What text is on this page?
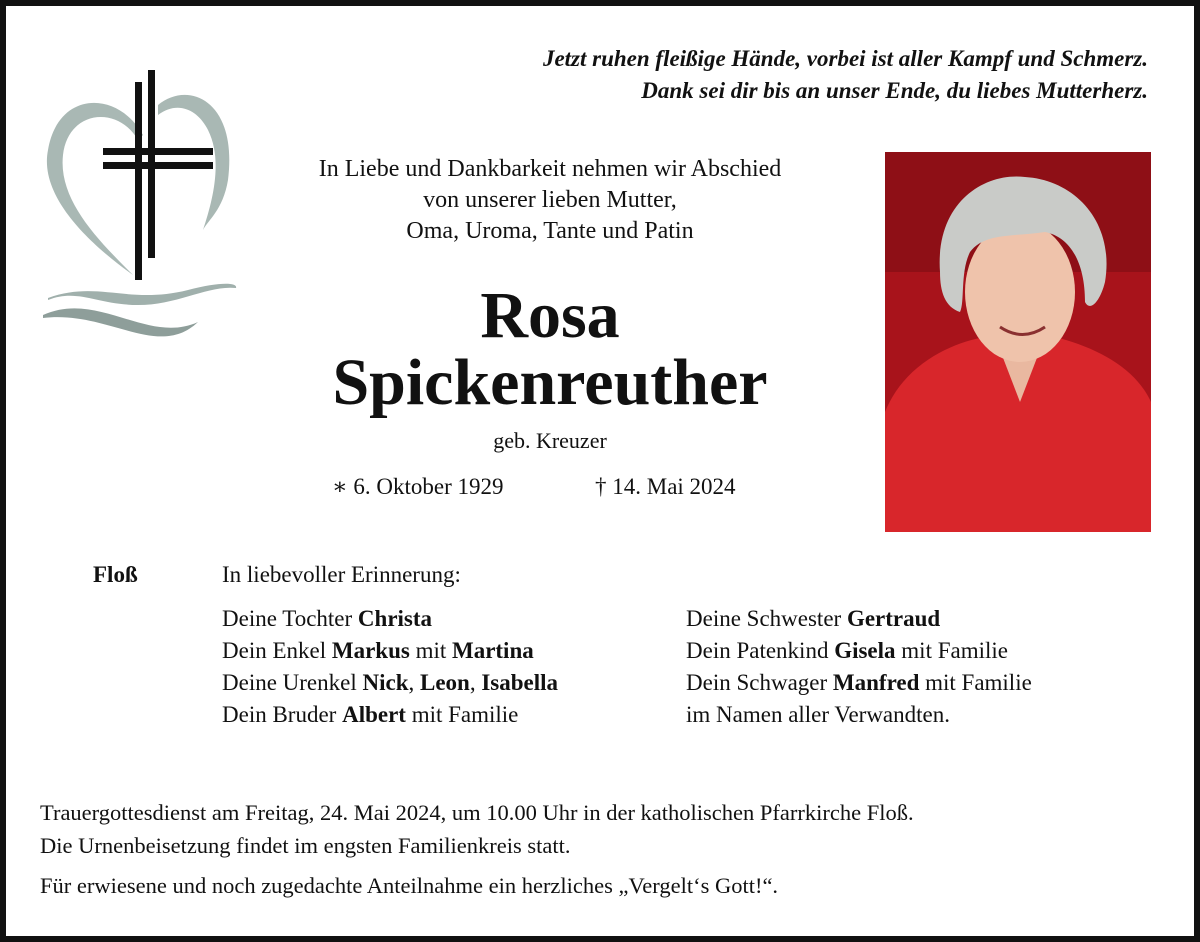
Jetzt ruhen fleißige Hände, vorbei ist aller Kampf und Schmerz.
Dank sei dir bis an unser Ende, du liebes Mutterherz.
In Liebe und Dankbarkeit nehmen wir Abschied
von unserer lieben Mutter,
Oma, Uroma, Tante und Patin
Rosa
Spickenreuther
geb. Kreuzer
∗ 6. Oktober 1929	† 14. Mai 2024
Floß	In liebevoller Erinnerung:
Deine Tochter Christa
Dein Enkel Markus mit Martina
Deine Urenkel Nick, Leon, Isabella
Dein Bruder Albert mit Familie
Deine Schwester Gertraud
Dein Patenkind Gisela mit Familie
Dein Schwager Manfred mit Familie
im Namen aller Verwandten.
Trauergottesdienst am Freitag, 24. Mai 2024, um 10.00 Uhr in der katholischen Pfarrkirche Floß.
Die Urnenbeisetzung findet im engsten Familienkreis statt.
Für erwiesene und noch zugedachte Anteilnahme ein herzliches „Vergelt‘s Gott!“.
